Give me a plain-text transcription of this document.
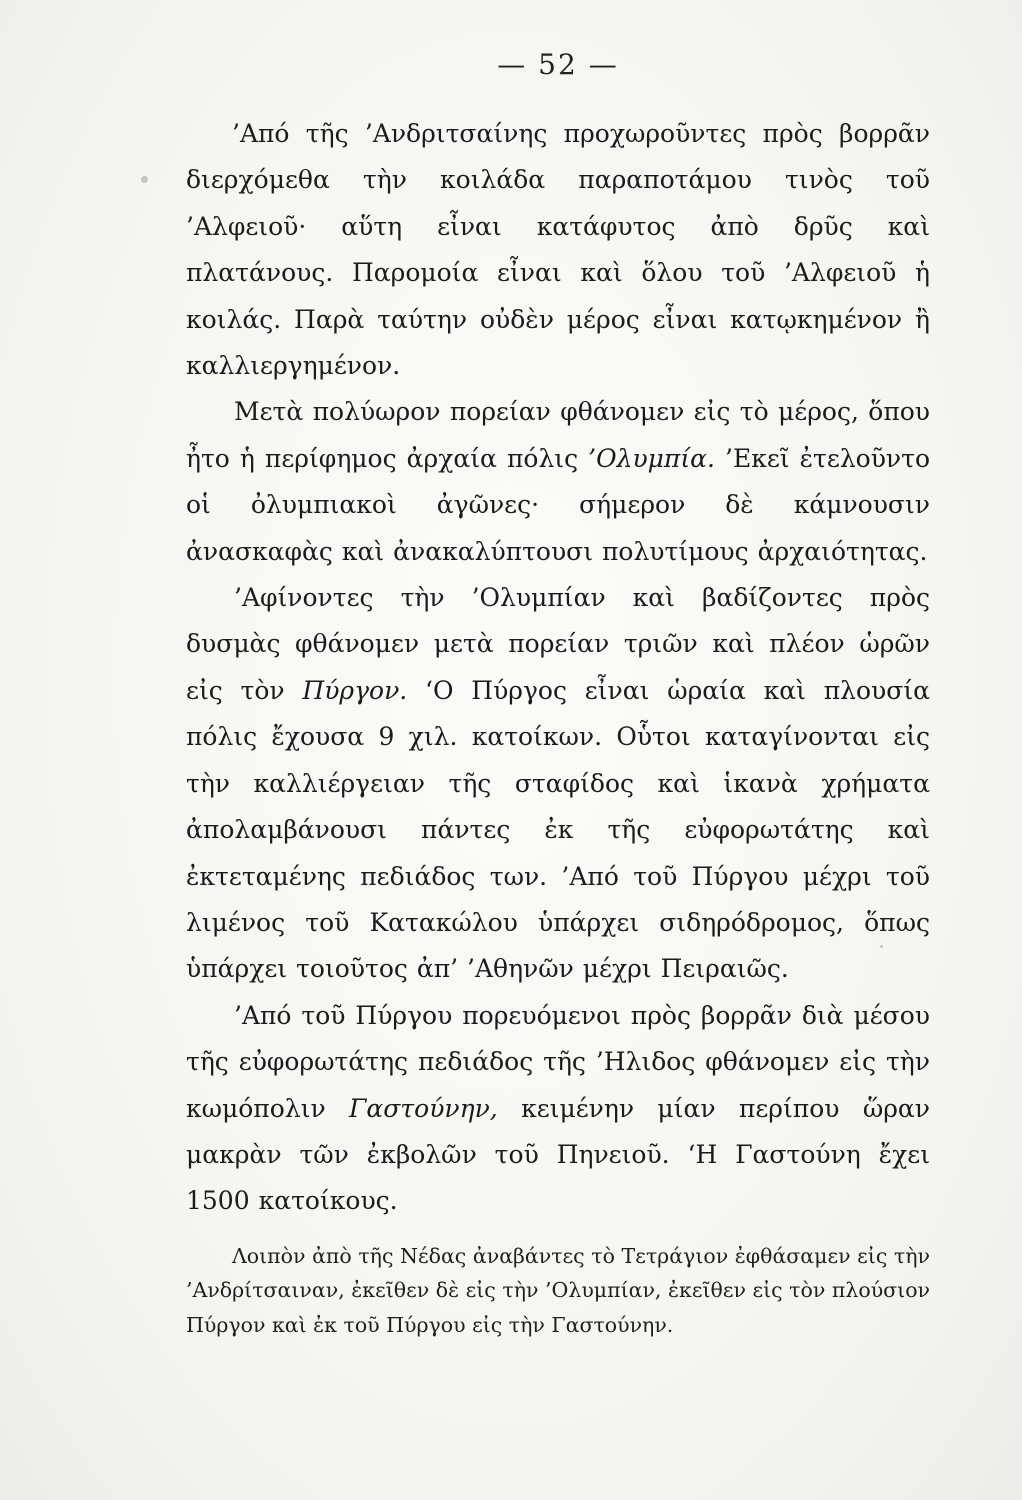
— 52 —

’Από τῆς ’Ανδριτσαίνης προχωροῦντες πρὸς βορρᾶν διερχόμεθα τὴν κοιλάδα παραποτάμου τινὸς τοῦ ’Αλφειοῦ· αὕτη εἶναι κατάφυτος ἀπὸ δρῦς καὶ πλατάνους. Παρομοία εἶναι καὶ ὅλου τοῦ ’Αλφειοῦ ἡ κοιλάς. Παρὰ ταύτην οὐδὲν μέρος εἶναι κατῳκημένον ἢ καλλιεργημένον.

Μετὰ πολύωρον πορείαν φθάνομεν εἰς τὸ μέρος, ὅπου ἦτο ἡ περίφημος ἀρχαία πόλις ’Ολυμπία. ’Εκεῖ ἐτελοῦντο οἱ ὀλυμπιακοὶ ἀγῶνες· σήμερον δὲ κάμνουσιν ἀνασκαφὰς καὶ ἀνακαλύπτουσι πολυτίμους ἀρχαιότητας.

’Αφίνοντες τὴν ’Ολυμπίαν καὶ βαδίζοντες πρὸς δυσμὰς φθάνομεν μετὰ πορείαν τριῶν καὶ πλέον ὡρῶν εἰς τὸν Πύργον. ‘Ο Πύργος εἶναι ὡραία καὶ πλουσία πόλις ἔχουσα 9 χιλ. κατοίκων. Οὗτοι καταγίνονται εἰς τὴν καλλιέργειαν τῆς σταφίδος καὶ ἱκανὰ χρήματα ἀπολαμβάνουσι πάντες ἐκ τῆς εὐφορωτάτης καὶ ἐκτεταμένης πεδιάδος των. ’Από τοῦ Πύργου μέχρι τοῦ λιμένος τοῦ Κατακώλου ὑπάρχει σιδηρόδρομος, ὅπως ὑπάρχει τοιοῦτος ἀπ’ ’Αθηνῶν μέχρι Πειραιῶς.

’Από τοῦ Πύργου πορευόμενοι πρὸς βορρᾶν διὰ μέσου τῆς εὐφορωτάτης πεδιάδος τῆς ’Ηλιδος φθάνομεν εἰς τὴν κωμόπολιν Γαστούνην, κειμένην μίαν περίπου ὥραν μακρὰν τῶν ἐκβολῶν τοῦ Πηνειοῦ. ‘Η Γαστούνη ἔχει 1500 κατοίκους.

Λοιπὸν ἀπὸ τῆς Νέδας ἀναβάντες τὸ Τετράγιον ἐφθάσαμεν εἰς τὴν ’Ανδρίτσαιναν, ἐκεῖθεν δὲ εἰς τὴν ’Ολυμπίαν, ἐκεῖθεν εἰς τὸν πλούσιον Πύργον καὶ ἐκ τοῦ Πύργου εἰς τὴν Γαστούνην.
